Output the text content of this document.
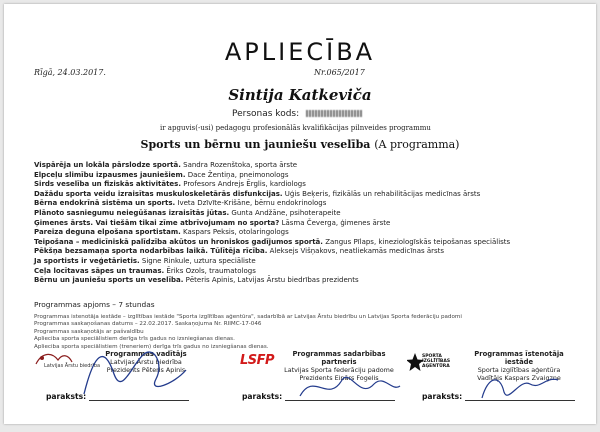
APLIECĪBA
Rīgā, 24.03.2017.	Nr.065/2017
Sintija Katkeviča
Personas kods:
ir apguvis(-usi) pedagogu profesionālās kvalifikācijas pilnveides programmu
Sports un bērnu un jauniešu veselība (A programma)
Vispārēja un lokāla pārslodze sportā. Sandra Rozenštoka, sporta ārste
Elpceļu slimību izpausmes jauniešiem. Dace Žentiņa, pneimonologs
Sirds veselība un fiziskās aktivitātes. Profesors Andrejs Ērglis, kardiologs
Dažādu sporta veidu izraisītas muskuloskeletārās disfunkcijas. Uģis Beķeris, fizikālās un rehabilitācijas medicīnas ārsts
Bērna endokrīnā sistēma un sports. Iveta Dzīvīte-Krišāne, bērnu endokrinologs
Plānoto sasniegumu neiegūšanas izraisītās jūtas. Gunta Andžāne, psihoterapeite
Ģimenes ārsts. Vai tiešām tikai zīme atbrīvojumam no sporta? Lāsma Čeverga, ģimenes ārste
Pareiza deguna elpošana sportistam. Kaspars Peksis, otolaringologs
Teipošana – medicīniskā palīdzība akūtos un hroniskos gadījumos sportā. Zangus Pīlaps, kineziologīskās teipošanas speciālists
Pēkšņa bezsamaņa sporta nodarbības laikā. Tūlītēja rīcība. Aleksejs Višņakovs, neatliekamās medicīnas ārsts
Ja sportists ir veģetārietis. Signe Rinkule, uztura speciāliste
Ceļa locītavas sāpes un traumas. Ēriks Ozols, traumatologs
Bērnu un jauniešu sports un veselība. Pēteris Apinis, Latvijas Ārstu biedrības prezidents
Programmas apjoms – 7 stundas
Programmas istenotāja iestāde – izglītības iestāde "Sporta izglītības aģentūra", sadarbībā ar Latvijas Ārstu biedrību un Latvijas Sporta federāciju padomi
Programmas saskaņošanas datums – 22.02.2017. Saskaņojuma Nr. RIIMC-17-046
Programmas saskaņotājs ar pašvaldību
Aplieciba sporta speciālistiem derīga trīs gadus no izsniegšanas dienas.
Aplieciba sporta speciālistiem (treneriem) derīga trīs gadus no izsniegšanas dienas.
Latvijas Ārstu biedrība
Programmas vadītājs
Latvijas Ārstu biedrība
Prezidents Pēteris Apinis
LSFP	Programmas sadarbības partneris
Latvijas Sporta federāciju padome
Prezidents Einārs Fogelis
SPORTA
IZGLĪTĪBAS
AĢENTŪRA
Programmas īstenotāja iestāde
Sporta izglītības aģentūra
Vadītājs Kaspars Zvaigzne
paraksts:	paraksts:	paraksts:
